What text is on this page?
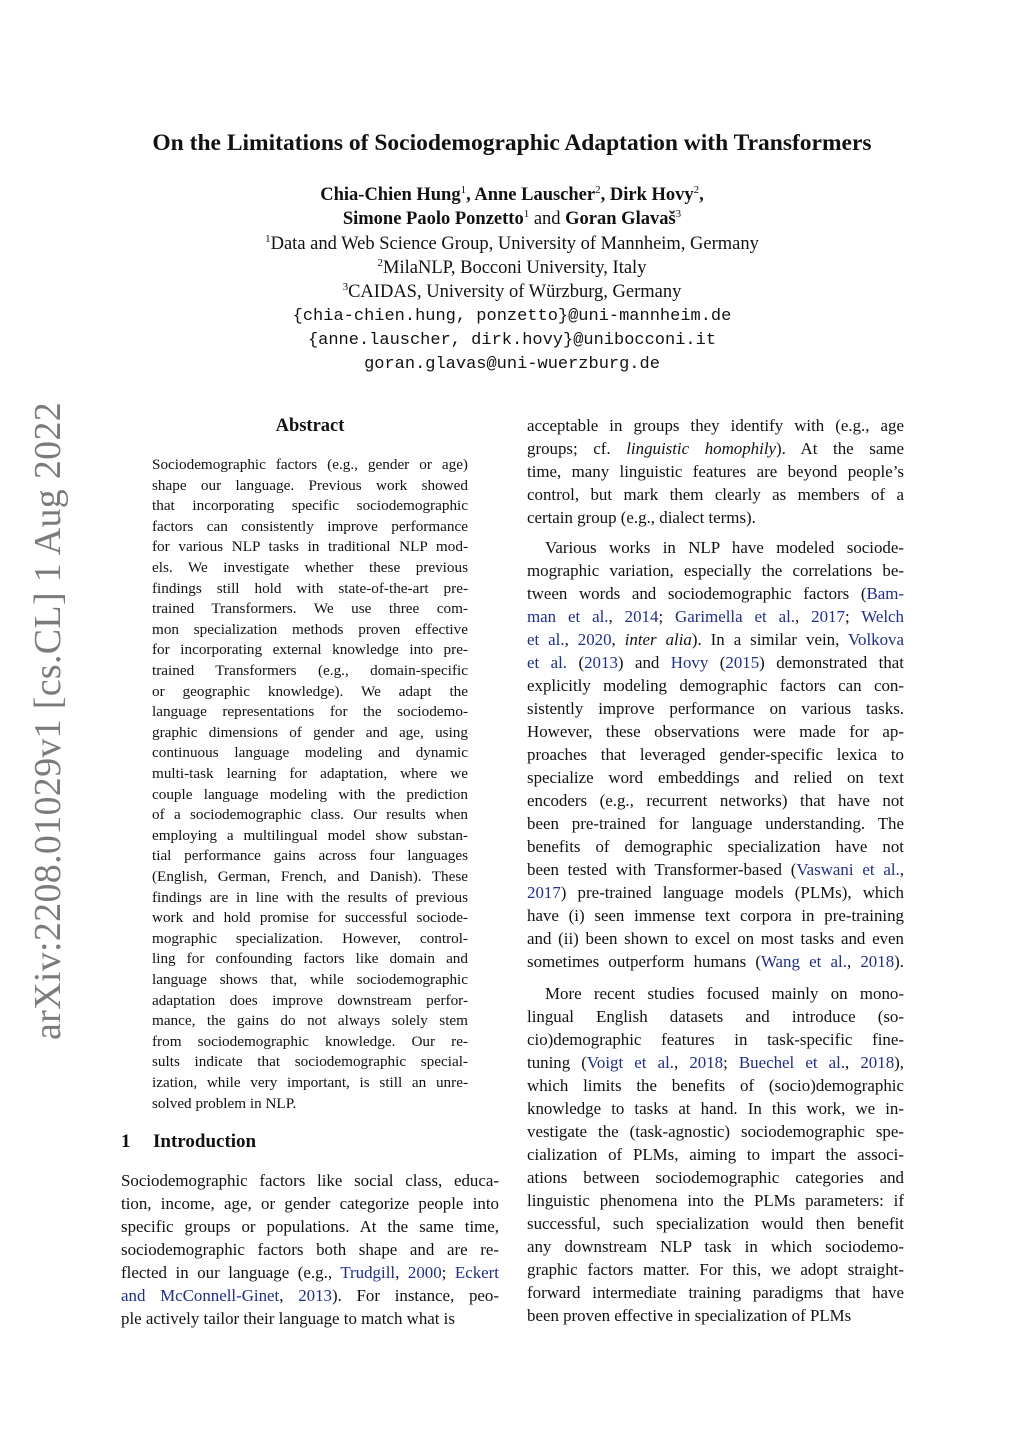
arXiv:2208.01029v1 [cs.CL] 1 Aug 2022
On the Limitations of Sociodemographic Adaptation with Transformers
Chia-Chien Hung$^1$, Anne Lauscher$^2$, Dirk Hovy$^2$,
Simone Paolo Ponzetto$^1$ and Goran Glavaš$^3$
$^1$Data and Web Science Group, University of Mannheim, Germany
$^2$MilaNLP, Bocconi University, Italy
$^3$CAIDAS, University of Würzburg, Germany
{chia-chien.hung, ponzetto}@uni-mannheim.de
{anne.lauscher, dirk.hovy}@unibocconi.it
goran.glavas@uni-wuerzburg.de
Abstract
Sociodemographic factors (e.g., gender or age)
shape our language. Previous work showed
that incorporating specific sociodemographic
factors can consistently improve performance
for various NLP tasks in traditional NLP mod-
els. We investigate whether these previous
findings still hold with state-of-the-art pre-
trained Transformers. We use three com-
mon specialization methods proven effective
for incorporating external knowledge into pre-
trained Transformers (e.g., domain-specific
or geographic knowledge). We adapt the
language representations for the sociodemo-
graphic dimensions of gender and age, using
continuous language modeling and dynamic
multi-task learning for adaptation, where we
couple language modeling with the prediction
of a sociodemographic class. Our results when
employing a multilingual model show substan-
tial performance gains across four languages
(English, German, French, and Danish). These
findings are in line with the results of previous
work and hold promise for successful sociode-
mographic specialization. However, control-
ling for confounding factors like domain and
language shows that, while sociodemographic
adaptation does improve downstream perfor-
mance, the gains do not always solely stem
from sociodemographic knowledge. Our re-
sults indicate that sociodemographic special-
ization, while very important, is still an unre-
solved problem in NLP.
1 Introduction
Sociodemographic factors like social class, educa-
tion, income, age, or gender categorize people into
specific groups or populations. At the same time,
sociodemographic factors both shape and are re-
flected in our language (e.g., Trudgill, 2000; Eckert
and McConnell-Ginet, 2013). For instance, peo-
ple actively tailor their language to match what is
acceptable in groups they identify with (e.g., age
groups; cf. linguistic homophily). At the same
time, many linguistic features are beyond people’s
control, but mark them clearly as members of a
certain group (e.g., dialect terms).
Various works in NLP have modeled sociode-
mographic variation, especially the correlations be-
tween words and sociodemographic factors (Bam-
man et al., 2014; Garimella et al., 2017; Welch
et al., 2020, inter alia). In a similar vein, Volkova
et al. (2013) and Hovy (2015) demonstrated that
explicitly modeling demographic factors can con-
sistently improve performance on various tasks.
However, these observations were made for ap-
proaches that leveraged gender-specific lexica to
specialize word embeddings and relied on text
encoders (e.g., recurrent networks) that have not
been pre-trained for language understanding. The
benefits of demographic specialization have not
been tested with Transformer-based (Vaswani et al.,
2017) pre-trained language models (PLMs), which
have (i) seen immense text corpora in pre-training
and (ii) been shown to excel on most tasks and even
sometimes outperform humans (Wang et al., 2018).
More recent studies focused mainly on mono-
lingual English datasets and introduce (so-
cio)demographic features in task-specific fine-
tuning (Voigt et al., 2018; Buechel et al., 2018),
which limits the benefits of (socio)demographic
knowledge to tasks at hand. In this work, we in-
vestigate the (task-agnostic) sociodemographic spe-
cialization of PLMs, aiming to impart the associ-
ations between sociodemographic categories and
linguistic phenomena into the PLMs parameters: if
successful, such specialization would then benefit
any downstream NLP task in which sociodemo-
graphic factors matter. For this, we adopt straight-
forward intermediate training paradigms that have
been proven effective in specialization of PLMs
